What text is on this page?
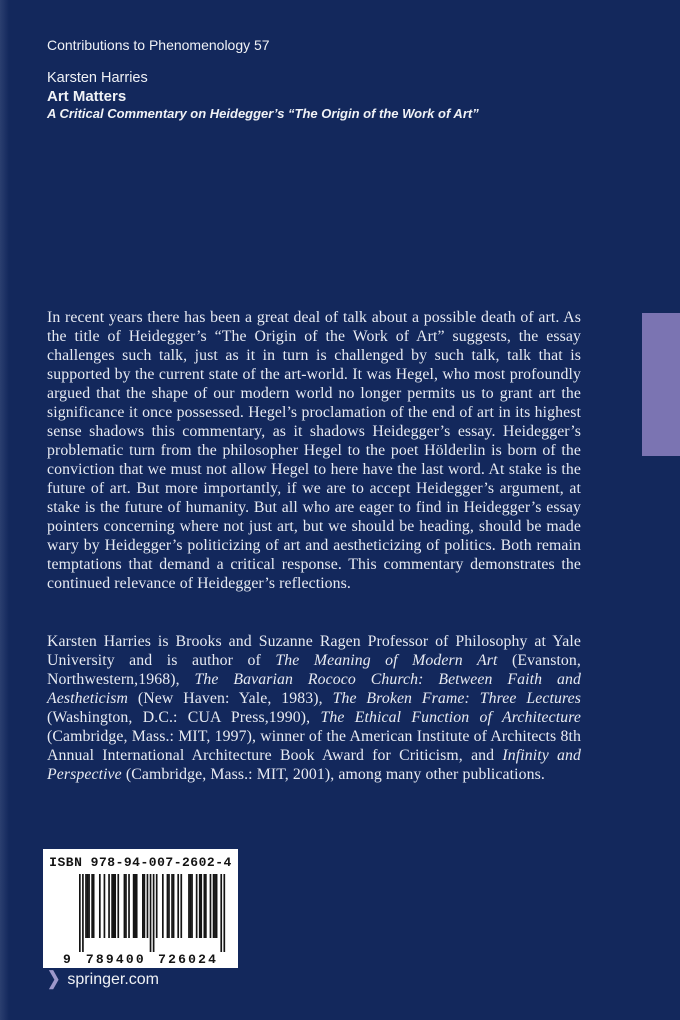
Contributions to Phenomenology 57
Karsten Harries
Art Matters
A Critical Commentary on Heidegger’s “The Origin of the Work of Art”
In recent years there has been a great deal of talk about a possible death of art. As the title of Heidegger’s “The Origin of the Work of Art” suggests, the essay challenges such talk, just as it in turn is challenged by such talk, talk that is supported by the current state of the art-world. It was Hegel, who most profoundly argued that the shape of our modern world no longer permits us to grant art the significance it once possessed. Hegel’s proclamation of the end of art in its highest sense shadows this commentary, as it shadows Heidegger’s essay. Heidegger’s problematic turn from the philosopher Hegel to the poet Hölderlin is born of the conviction that we must not allow Hegel to here have the last word. At stake is the future of art. But more importantly, if we are to accept Heidegger’s argument, at stake is the future of humanity. But all who are eager to find in Heidegger’s essay pointers concerning where not just art, but we should be heading, should be made wary by Heidegger’s politicizing of art and aestheticizing of politics. Both remain temptations that demand a critical response. This commentary demonstrates the continued relevance of Heidegger’s reflections.
Karsten Harries is Brooks and Suzanne Ragen Professor of Philosophy at Yale University and is author of The Meaning of Modern Art (Evanston, Northwestern,1968), The Bavarian Rococo Church: Between Faith and Aestheticism (New Haven: Yale, 1983), The Broken Frame: Three Lectures (Washington, D.C.: CUA Press,1990), The Ethical Function of Architecture (Cambridge, Mass.: MIT, 1997), winner of the American Institute of Architects 8th Annual International Architecture Book Award for Criticism, and Infinity and Perspective (Cambridge, Mass.: MIT, 2001), among many other publications.
ISBN 978-94-007-2602-4
9 789400 726024
❯ springer.com
